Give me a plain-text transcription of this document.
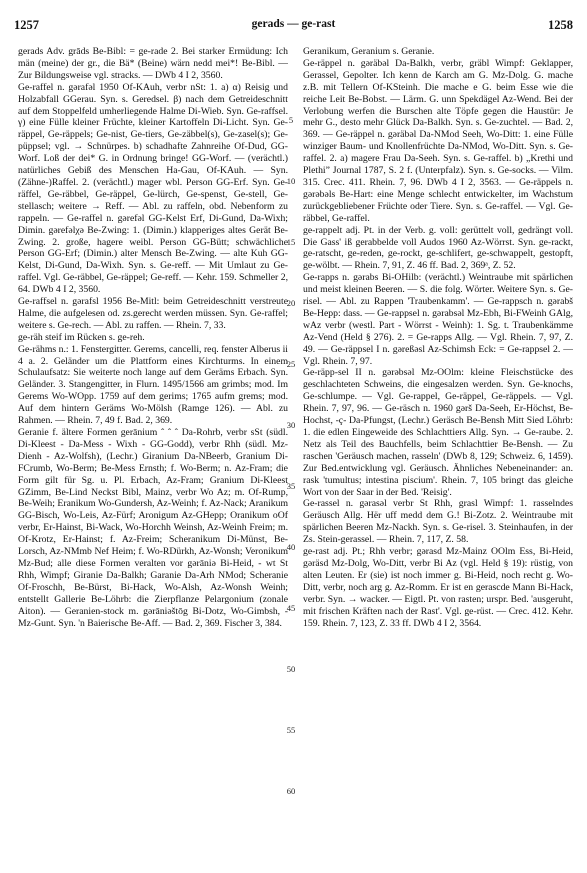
1257	gerads — ge-rast	1258

gerads Adv. grāds Be-Bibl: = ge-rade 2. Bei starker Ermüdung: Ich män (meine) der gr., die Bä* (Beine) wärn nedd mei*! Be-Bibl. — Zur Bildungsweise vgl. stracks. — DWb 4 I 2, 3560.

Ge-raffel n. gərafəl 1950 Of-KAuh, verbr nSt: 1. a) α) Reisig und Holzabfall GGerau. Syn. s. Geredsel. β) nach dem Getreideschnitt auf dem Stoppelfeld umherliegende Halme Di-Wieb. Syn. Ge-raffsel. γ) eine Fülle kleiner Früchte, kleiner Kartoffeln Di-Licht. Syn. Ge-räppel, Ge-räppels; Ge-nist, Ge-tiers, Ge-zäbbel(s), Ge-zasel(s); Ge-püppsel; vgl. → Schnürpes. b) schadhafte Zahnreihe Of-Dud, GG-Worf. Loß der dei* G. in Ordnung bringe! GG-Worf. — (verächtl.) natürliches Gebiß des Menschen Ha-Gau, Of-KAuh. — Syn. (Zähne-)Raffel. 2. (verächtl.) mager wbl. Person GG-Erf. Syn. Ge-räffel, Ge-räbbel, Ge-räppel, Ge-lürch, Ge-spenst, Ge-stell, Ge-stellasch; weitere → Reff. — Abl. zu raffeln, obd. Nebenform zu rappeln. — Ge-raffel n. gərefəl GG-Kelst Erf, Di-Gund, Da-Wixh; Dimin. gərefəlχə Be-Zwing: 1. (Dimin.) klapperiges altes Gerät Be-Zwing. 2. große, hagere weibl. Person GG-Bütt; schwächliche Person GG-Erf; (Dimin.) alter Mensch Be-Zwing. — alte Kuh GG-Kelst, Di-Gund, Da-Wixh. Syn. s. Ge-reff. — Mit Umlaut zu Ge-raffel. Vgl. Ge-räbbel, Ge-räppel; Ge-reff. — Kehr. 159. Schmeller 2, 64. DWb 4 I 2, 3560.

Ge-raffsel n. gərafsl 1956 Be-Mitl: beim Getreideschnitt verstreute Halme, die aufgelesen od. zs.gerecht werden müssen. Syn. Ge-raffel; weitere s. Ge-rech. — Abl. zu raffen. — Rhein. 7, 33.

ge-räh steif im Rücken s. ge-reh.

Ge-rähms n.: 1. Fenstergitter. Gerems, cancelli, req. fenster Alberus ii 4 a. 2. Geländer um die Plattform eines Kirchturms. In einem Schulaufsatz: Sie weiterte noch lange auf dem Geräms Erbach. Syn. Geländer. 3. Stangengitter, in Flurn. 1495/1566 am grimbs; mod. Im Gerems Wo-WOpp. 1759 auf dem gerims; 1765 aufm grems; mod. Auf dem hintern Geräms Wo-Mölsh (Ramge 126). — Abl. zu Rahmen. — Rhein. 7, 49 f. Bad. 2, 369.

Geranie f. ältere Formen gerānium ˆ ˆ ˆ Da-Rohrb, verbr sSt (südl. Di-Kleest - Da-Mess - Wixh - GG-Godd), verbr Rhh (südl. Mz-Dienh - Az-Wolfsh), (Lechr.) Giranium Da-NBeerb, Granium Di-FCrumb, Wo-Berm; Be-Mess Ernsth; f. Wo-Berm; n. Az-Fram; die Form gilt für Sg. u. Pl. Erbach, Az-Fram; Granium Di-Kleest GZimm, Be-Lind Neckst Bibl, Mainz, verbr Wo Az; m. Of-Rump, Be-Weih; Eranikum Wo-Gundersh, Az-Weinh; f. Az-Nack; Aranikum GG-Bisch, Wo-Leis, Az-Fürf; Aronigum Az-GHepp; Oranikum oOf verbr, Er-Hainst, Bi-Wack, Wo-Horchh Weinsh, Az-Weinh Freim; m. Of-Krotz, Er-Hainst; f. Az-Freim; Scheranikum Di-Münst, Be-Lorsch, Az-NMmb Nef Heim; f. Wo-RDürkh, Az-Wonsh; Veronikum Mz-Bud; alle diese Formen veralten vor gərāniə Bi-Heid, - wt St Rhh, Wimpf; Giranie Da-Balkh; Garanie Da-Arh NMod; Scheranie Of-Froschh, Be-Bürst, Bi-Hack, Wo-Alsh, Az-Wonsh Weinh; entstellt Gallerie Be-Löhrb: die Zierpflanze Pelargonium (zonale Aiton). — Geranien-stock m. gərāniəštōg Bi-Dotz, Wo-Gimbsh, - Mz-Gunt. Syn. 'n Baierische Be-Aff. — Bad. 2, 369. Fischer 3, 384.

5
10
15
20
25
30
35
40
45
50
55
60

Geranikum, Geranium s. Geranie.

Ge-räppel n. gəräbəl Da-Balkh, verbr, gräbl Wimpf: Geklapper, Gerassel, Gepolter. Ich kenn de Karch am G. Mz-Dolg. G. mache z.B. mit Tellern Of-KSteinh. Die mache e G. beim Esse wie die reiche Leit Be-Bobst. — Lärm. G. unn Spekdägel Az-Wend. Bei der Verlobung werfen die Burschen alte Töpfe gegen die Haustür: Je mehr G., desto mehr Glück Da-Balkh. Syn. s. Ge-zuchtel. — Bad. 2, 369. — Ge-räppel n. gəräbəl Da-NMod Seeh, Wo-Ditt: 1. eine Fülle winziger Baum- und Knollenfrüchte Da-NMod, Wo-Ditt. Syn. s. Ge-raffel. 2. a) magere Frau Da-Seeh. Syn. s. Ge-raffel. b) „Krethi und Plethi” Journal 1787, S. 2 f. (Unterpfalz). Syn. s. Ge-socks. — Vilm. 315. Crec. 411. Rhein. 7, 96. DWb 4 I 2, 3563. — Ge-räppels n. gərəbəls Be-Hart: eine Menge schlecht entwickelter, im Wachstum zurückgebliebener Früchte oder Tiere. Syn. s. Ge-raffel. — Vgl. Ge-räbbel, Ge-raffel.

ge-rappelt adj. Pt. in der Verb. g. voll: gerüttelt voll, gedrängt voll. Die Gass' iß gerabbelde voll Audos 1960 Az-Wörrst. Syn. ge-rackt, ge-ratscht, ge-reden, ge-rockt, ge-schlifert, ge-schwappelt, gestopft, ge-wölbt. — Rhein. 7, 91, Z. 46 ff. Bad. 2, 369ᵃ, Z. 52.

Ge-rapps n. gərabs Bi-OHilb: (verächtl.) Weintraube mit spärlichen und meist kleinen Beeren. — S. die folg. Wörter. Weitere Syn. s. Ge-risel. — Abl. zu Rappen 'Traubenkamm'. — Ge-rappsch n. gərabš Be-Hepp: dass. — Ge-rappsel n. gərabsəl Mz-Ebh, Bi-FWeinh GAlg, wAz verbr (westl. Part - Wörrst - Weinh): 1. Sg. t. Traubenkämme Az-Vend (Held § 276). 2. = Ge-rapps Allg. — Vgl. Rhein. 7, 97, Z. 49. — Ge-räppsel I n. gəreßəsl Az-Schimsh Eck: = Ge-rappsel 2. — Vgl. Rhein. 7, 97.

Ge-räpp-sel II n. gərəbsəl Mz-OOlm: kleine Fleischstücke des geschlachteten Schweins, die eingesalzen werden. Syn. Ge-knochs, Ge-schlumpe. — Vgl. Ge-rappel, Ge-räppel, Ge-räppels. — Vgl. Rhein. 7, 97, 96. — Ge-räsch n. 1960 gərš Da-Seeh, Er-Höchst, Be-Hochst, -ç- Da-Pfungst, (Lechr.) Geräsch Be-Bensh Mitt Sied Löhrb: 1. die edlen Eingeweide des Schlachttiers Allg. Syn. → Ge-raube. 2. Netz als Teil des Bauchfells, beim Schlachttier Be-Bensh. — Zu raschen 'Geräusch machen, rasseln' (DWb 8, 129; Schweiz. 6, 1459). Zur Bed.entwicklung vgl. Geräusch. Ähnliches Nebeneinander: an. rask 'tumultus; intestina piscium'. Rhein. 7, 105 bringt das gleiche Wort von der Saar in der Bed. 'Reisig'.

Ge-rassel n. gərasəl verbr St Rhh, grasl Wimpf: 1. rasselndes Geräusch Allg. Hër uff medd dem G.! Bi-Zotz. 2. Weintraube mit spärlichen Beeren Mz-Nackh. Syn. s. Ge-risel. 3. Steinhaufen, in der Zs. Stein-gerassel. — Rhein. 7, 117, Z. 58.

ge-rast adj. Pt.; Rhh verbr; gərasd Mz-Mainz OOlm Ess, Bi-Heid, gəräsd Mz-Dolg, Wo-Ditt, verbr Bi Az (vgl. Held § 19): rüstig, von alten Leuten. Er (sie) ist noch immer g. Bi-Heid, noch recht g. Wo-Ditt, verbr, noch arg g. Az-Romm. Er ist en gerascde Mann Bi-Hack, verbr. Syn. → wacker. — Eigtl. Pt. von rasten; urspr. Bed. 'ausgeruht, mit frischen Kräften nach der Rast'. Vgl. ge-rüst. — Crec. 412. Kehr. 159. Rhein. 7, 123, Z. 33 ff. DWb 4 I 2, 3564.
